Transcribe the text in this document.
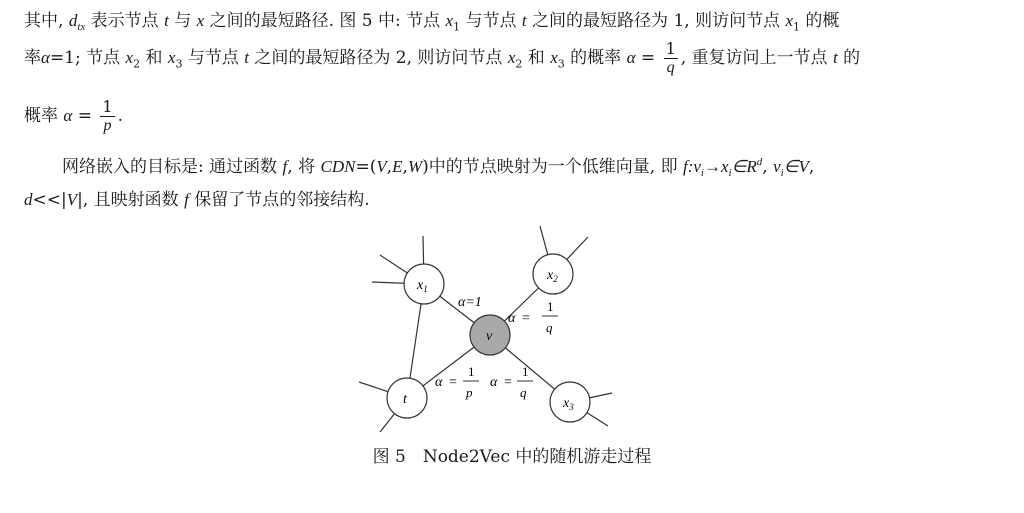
其中, $d_{tx}$ 表示节点 t 与 x 之间的最短路径. 图 5 中: 节点 $x_1$ 与节点 t 之间的最短路径为 1, 则访问节点 $x_1$ 的概
率α=1; 节点 $x_2$ 和 $x_3$ 与节点 t 之间的最短路径为 2, 则访问节点 $x_2$ 和 $x_3$ 的概率 $\alpha = \frac{1}{q}$ , 重复访问上一节点 t 的
概率 $\alpha = \frac{1}{p}$ .
网络嵌入的目标是: 通过函数 f, 将 CDN=(V,E,W)中的节点映射为一个低维向量, 即 $f:v_i\to x_i\in R^d$, $v_i\in V$,
d<<|V|, 且映射函数 f 保留了节点的邻接结构.
$x_1$
$x_2$
$x_3$
t
v
α=1
α =
1
q
α =
1
p
α =
1
q
图 5　Node2Vec 中的随机游走过程
